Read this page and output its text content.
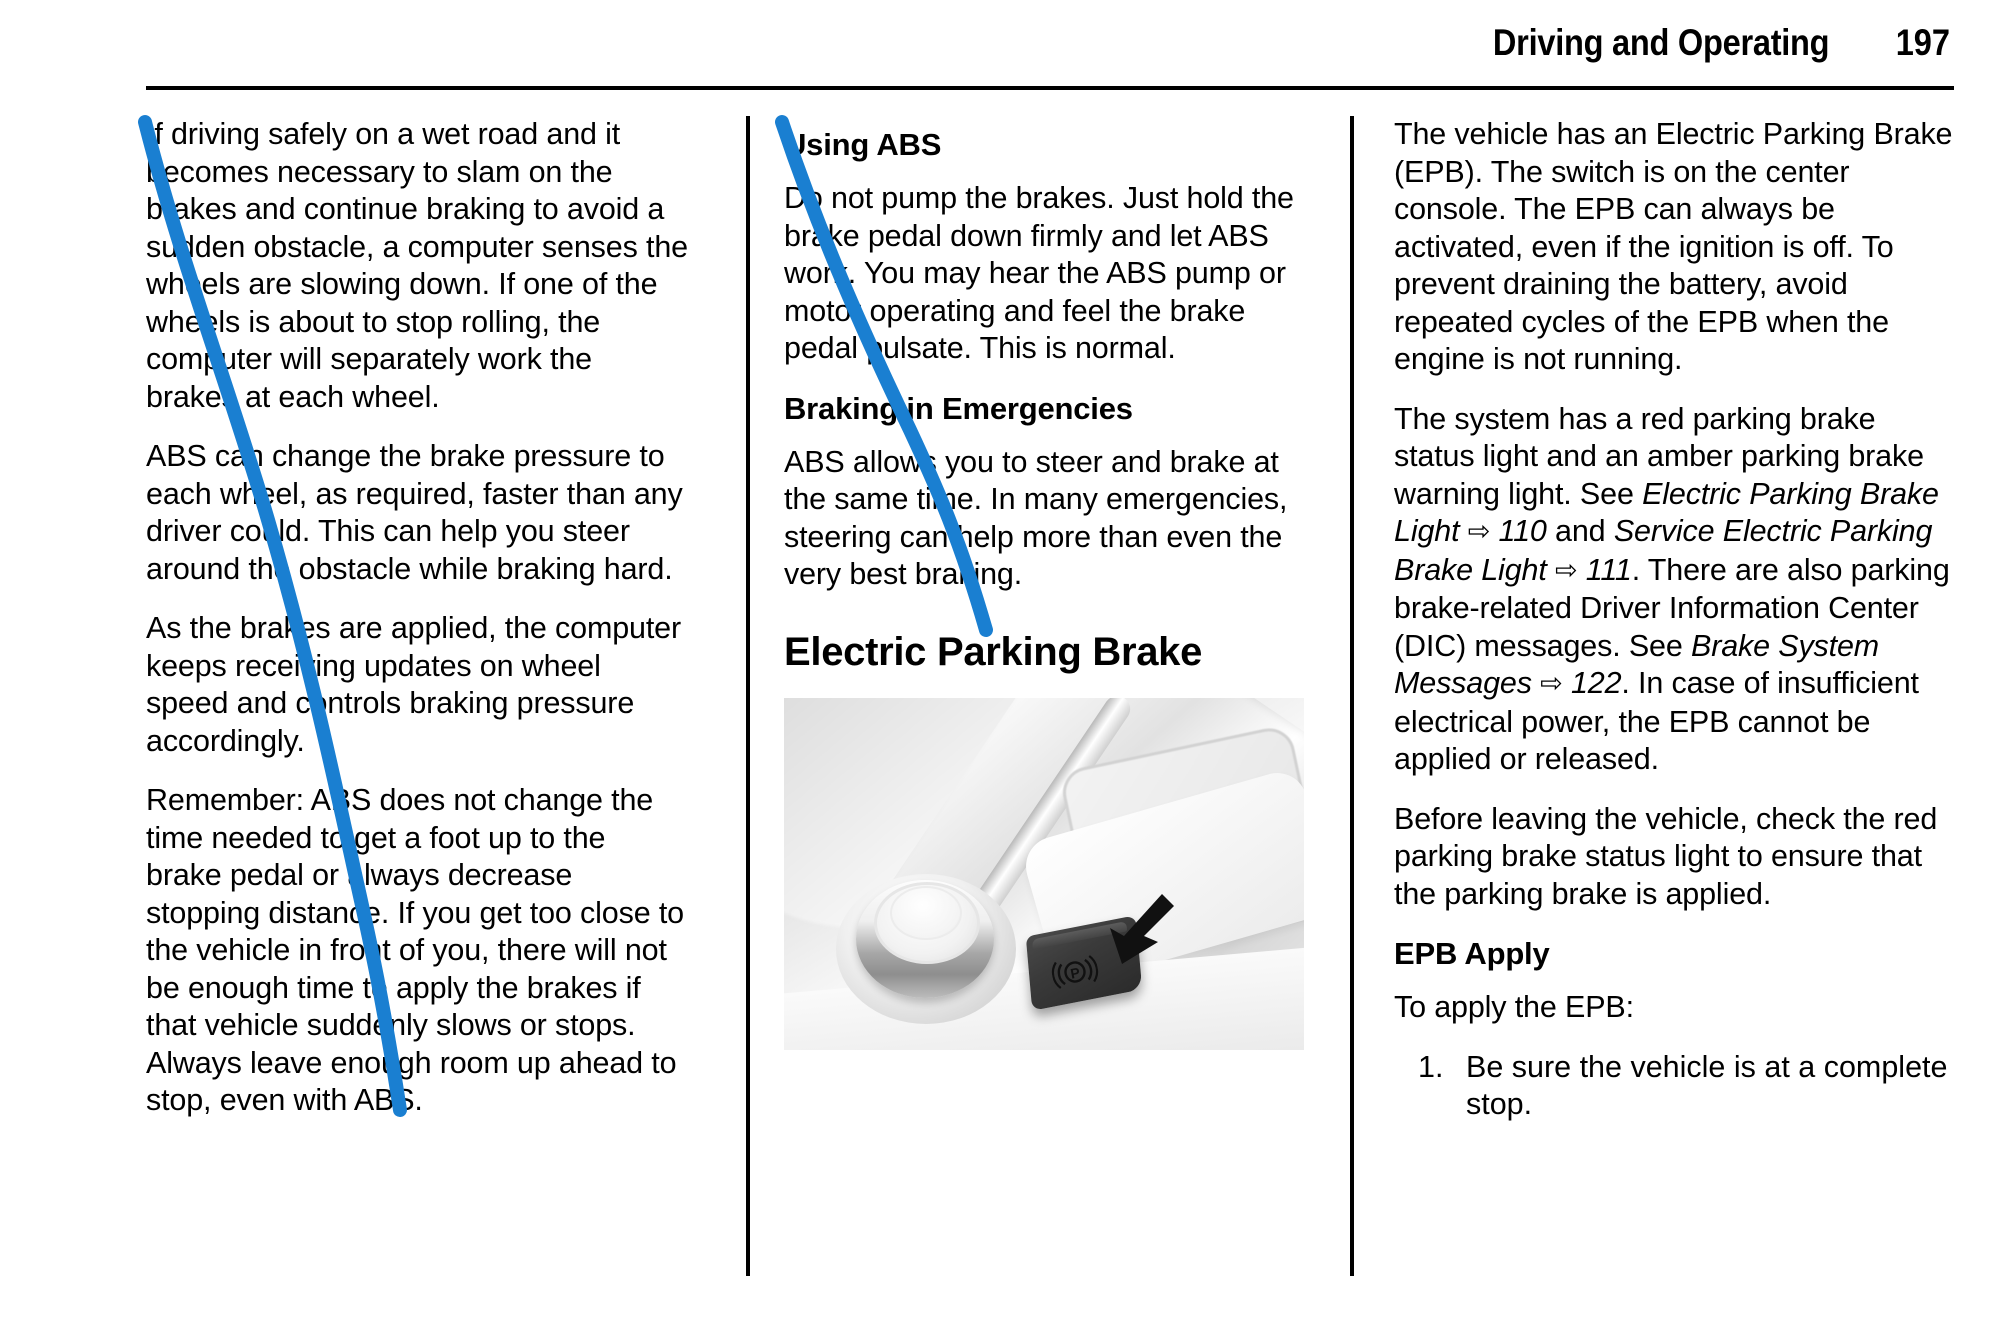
Driving and Operating 197

If driving safely on a wet road and it becomes necessary to slam on the brakes and continue braking to avoid a sudden obstacle, a computer senses the wheels are slowing down. If one of the wheels is about to stop rolling, the computer will separately work the brakes at each wheel.

ABS can change the brake pressure to each wheel, as required, faster than any driver could. This can help you steer around the obstacle while braking hard.

As the brakes are applied, the computer keeps receiving updates on wheel speed and controls braking pressure accordingly.

Remember: ABS does not change the time needed to get a foot up to the brake pedal or always decrease stopping distance. If you get too close to the vehicle in front of you, there will not be enough time to apply the brakes if that vehicle suddenly slows or stops. Always leave enough room up ahead to stop, even with ABS.

Using ABS

Do not pump the brakes. Just hold the brake pedal down firmly and let ABS work. You may hear the ABS pump or motor operating and feel the brake pedal pulsate. This is normal.

Braking in Emergencies

ABS allows you to steer and brake at the same time. In many emergencies, steering can help more than even the very best braking.

Electric Parking Brake
P

The vehicle has an Electric Parking Brake (EPB). The switch is on the center console. The EPB can always be activated, even if the ignition is off. To prevent draining the battery, avoid repeated cycles of the EPB when the engine is not running.

The system has a red parking brake status light and an amber parking brake warning light. See Electric Parking Brake Light ⇨ 110 and Service Electric Parking Brake Light ⇨ 111. There are also parking brake-related Driver Information Center (DIC) messages. See Brake System Messages ⇨ 122. In case of insufficient electrical power, the EPB cannot be applied or released.

Before leaving the vehicle, check the red parking brake status light to ensure that the parking brake is applied.

EPB Apply

To apply the EPB:

Be sure the vehicle is at a complete stop.
